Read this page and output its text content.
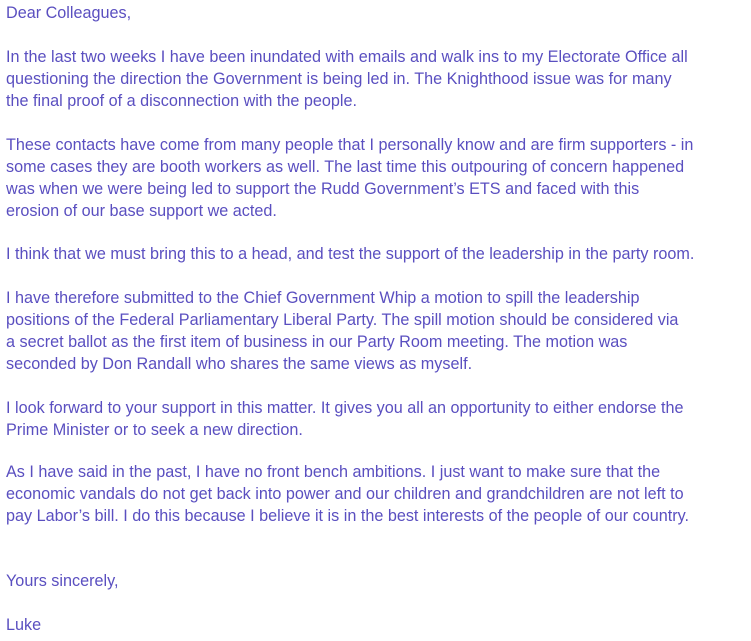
Dear Colleagues,

In the last two weeks I have been inundated with emails and walk ins to my Electorate Office all
questioning the direction the Government is being led in. The Knighthood issue was for many
the final proof of a disconnection with the people.

These contacts have come from many people that I personally know and are firm supporters - in
some cases they are booth workers as well. The last time this outpouring of concern happened
was when we were being led to support the Rudd Government’s ETS and faced with this
erosion of our base support we acted.

I think that we must bring this to a head, and test the support of the leadership in the party room.

I have therefore submitted to the Chief Government Whip a motion to spill the leadership
positions of the Federal Parliamentary Liberal Party. The spill motion should be considered via
a secret ballot as the first item of business in our Party Room meeting. The motion was
seconded by Don Randall who shares the same views as myself.

I look forward to your support in this matter. It gives you all an opportunity to either endorse the
Prime Minister or to seek a new direction.

As I have said in the past, I have no front bench ambitions. I just want to make sure that the
economic vandals do not get back into power and our children and grandchildren are not left to
pay Labor’s bill. I do this because I believe it is in the best interests of the people of our country.

Yours sincerely,

Luke
